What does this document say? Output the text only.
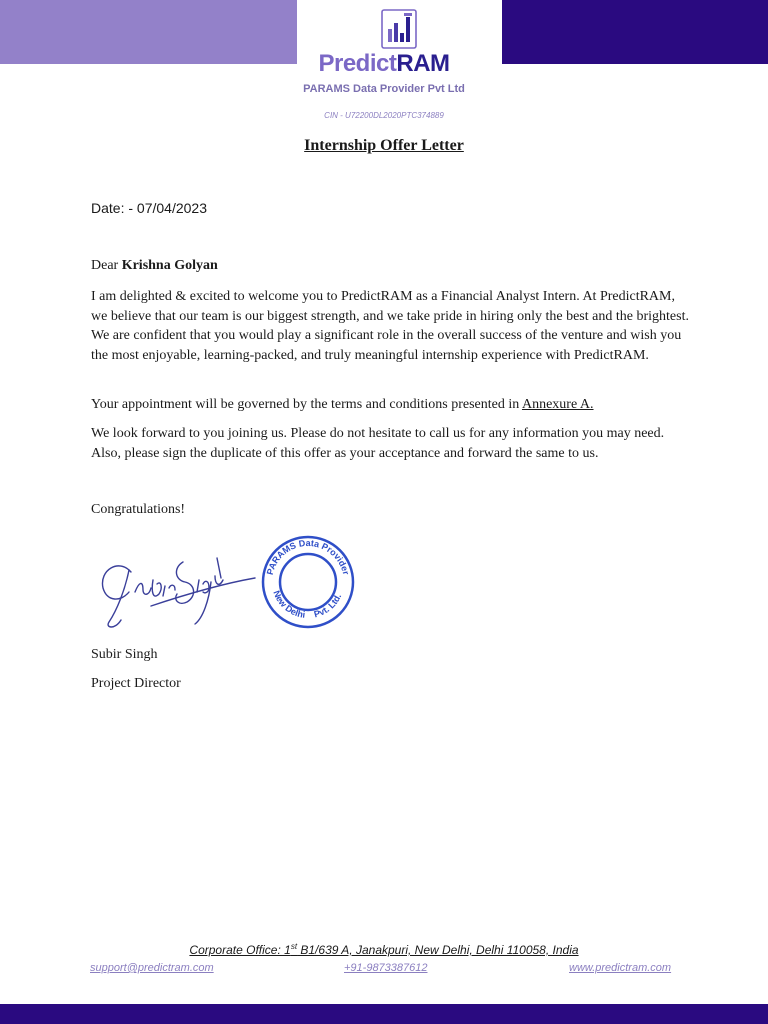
PredictRAM
PARAMS Data Provider Pvt Ltd
CIN - U72200DL2020PTC374889
Internship Offer Letter
Date: - 07/04/2023
Dear Krishna Golyan
I am delighted & excited to welcome you to PredictRAM as a Financial Analyst Intern. At PredictRAM, we believe that our team is our biggest strength, and we take pride in hiring only the best and the brightest. We are confident that you would play a significant role in the overall success of the venture and wish you the most enjoyable, learning-packed, and truly meaningful internship experience with PredictRAM.
Your appointment will be governed by the terms and conditions presented in Annexure A.
We look forward to you joining us. Please do not hesitate to call us for any information you may need. Also, please sign the duplicate of this offer as your acceptance and forward the same to us.
Congratulations!
PARAMS Data Provider
New Delhi Pvt. Ltd.
Subir Singh
Project Director
Corporate Office: 1st B1/639 A, Janakpuri, New Delhi, Delhi 110058, India
support@predictram.com	+91-9873387612	www.predictram.com
